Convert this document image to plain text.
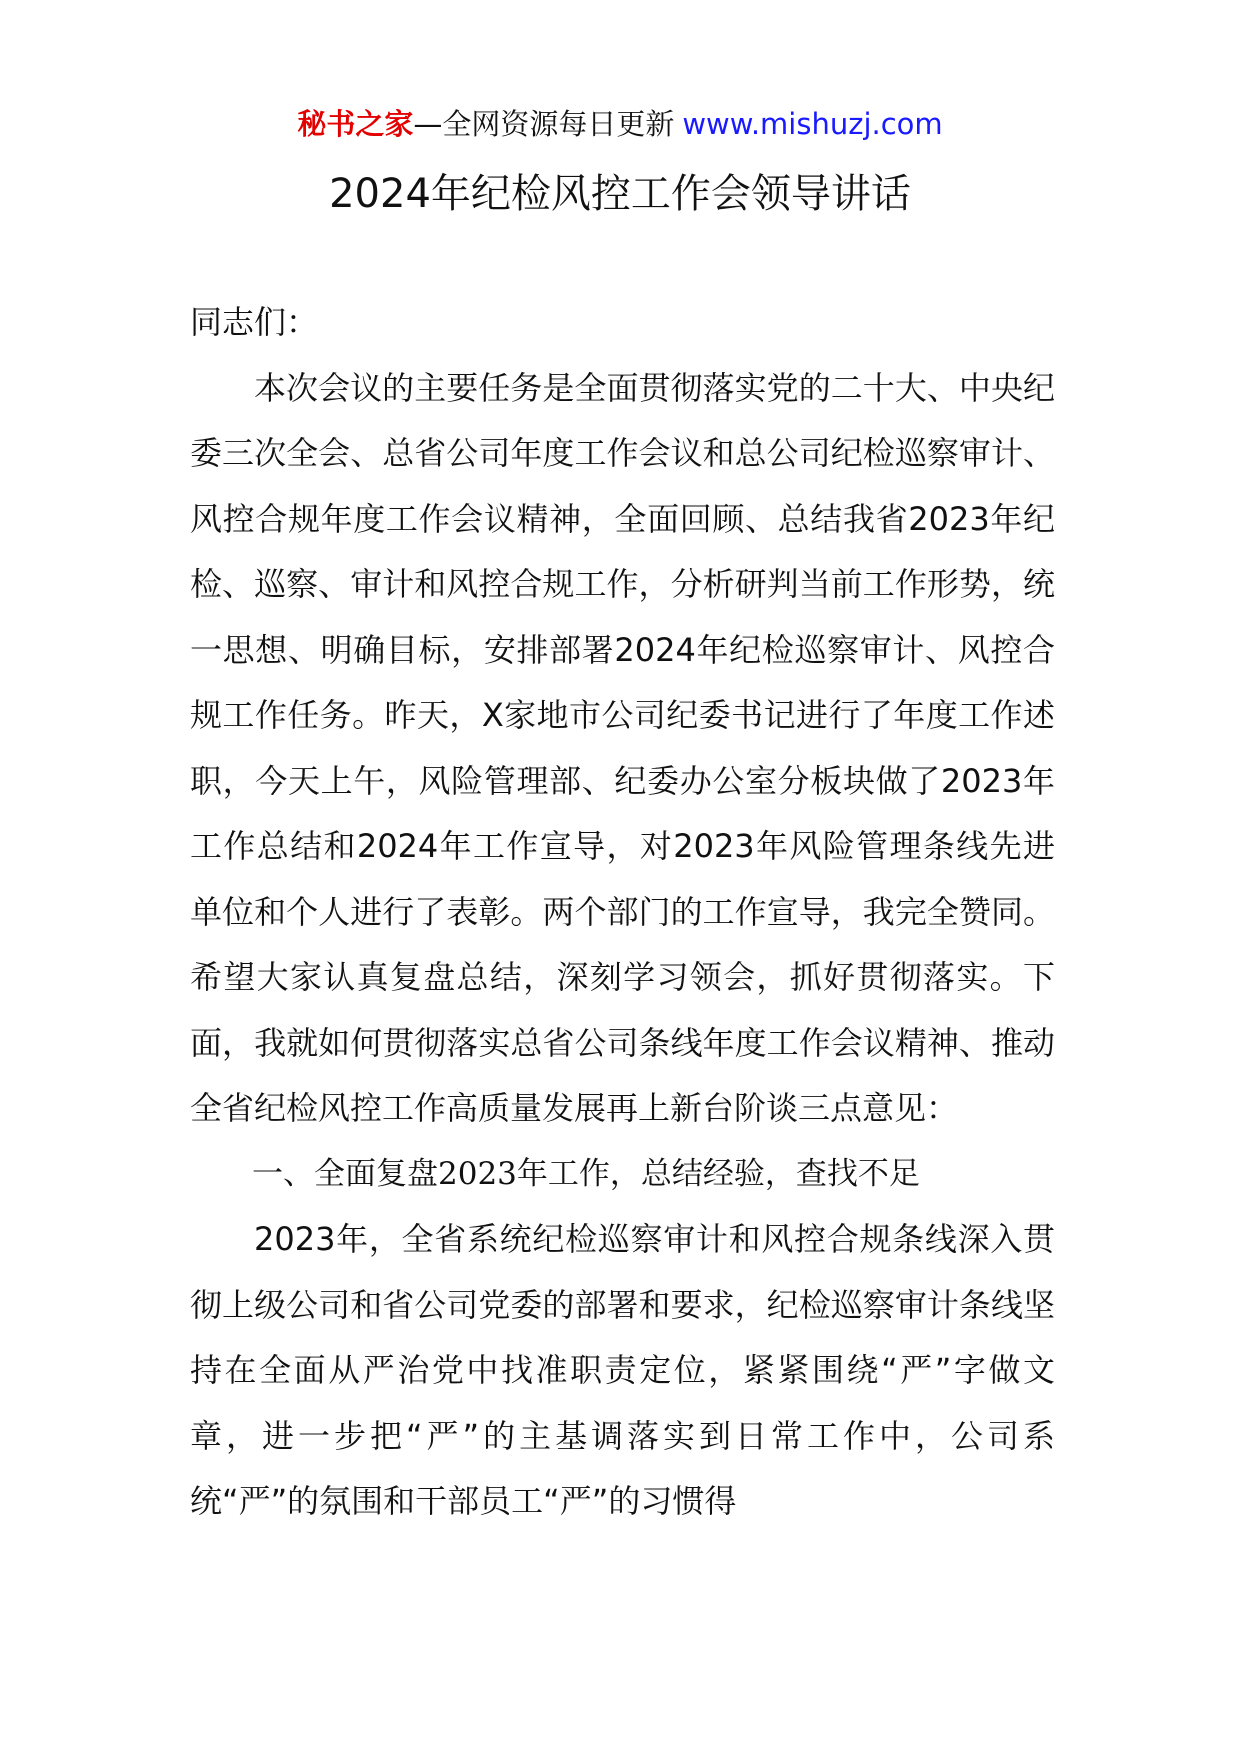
秘书之家—全网资源每日更新 www.mishuzj.com
2024年纪检风控工作会领导讲话

同志们：

本次会议的主要任务是全面贯彻落实党的二十大、中央纪委三次全会、总省公司年度工作会议和总公司纪检巡察审计、风控合规年度工作会议精神，全面回顾、总结我省2023年纪检、巡察、审计和风控合规工作，分析研判当前工作形势，统一思想、明确目标，安排部署2024年纪检巡察审计、风控合规工作任务。昨天，X家地市公司纪委书记进行了年度工作述职，今天上午，风险管理部、纪委办公室分板块做了2023年工作总结和2024年工作宣导，对2023年风险管理条线先进单位和个人进行了表彰。两个部门的工作宣导，我完全赞同。希望大家认真复盘总结，深刻学习领会，抓好贯彻落实。下面，我就如何贯彻落实总省公司条线年度工作会议精神、推动全省纪检风控工作高质量发展再上新台阶谈三点意见：

一、全面复盘2023年工作，总结经验，查找不足

2023年，全省系统纪检巡察审计和风控合规条线深入贯彻上级公司和省公司党委的部署和要求，纪检巡察审计条线坚持在全面从严治党中找准职责定位，紧紧围绕“严”字做文章，进一步把“严”的主基调落实到日常工作中，公司系统“严”的氛围和干部员工“严”的习惯得
